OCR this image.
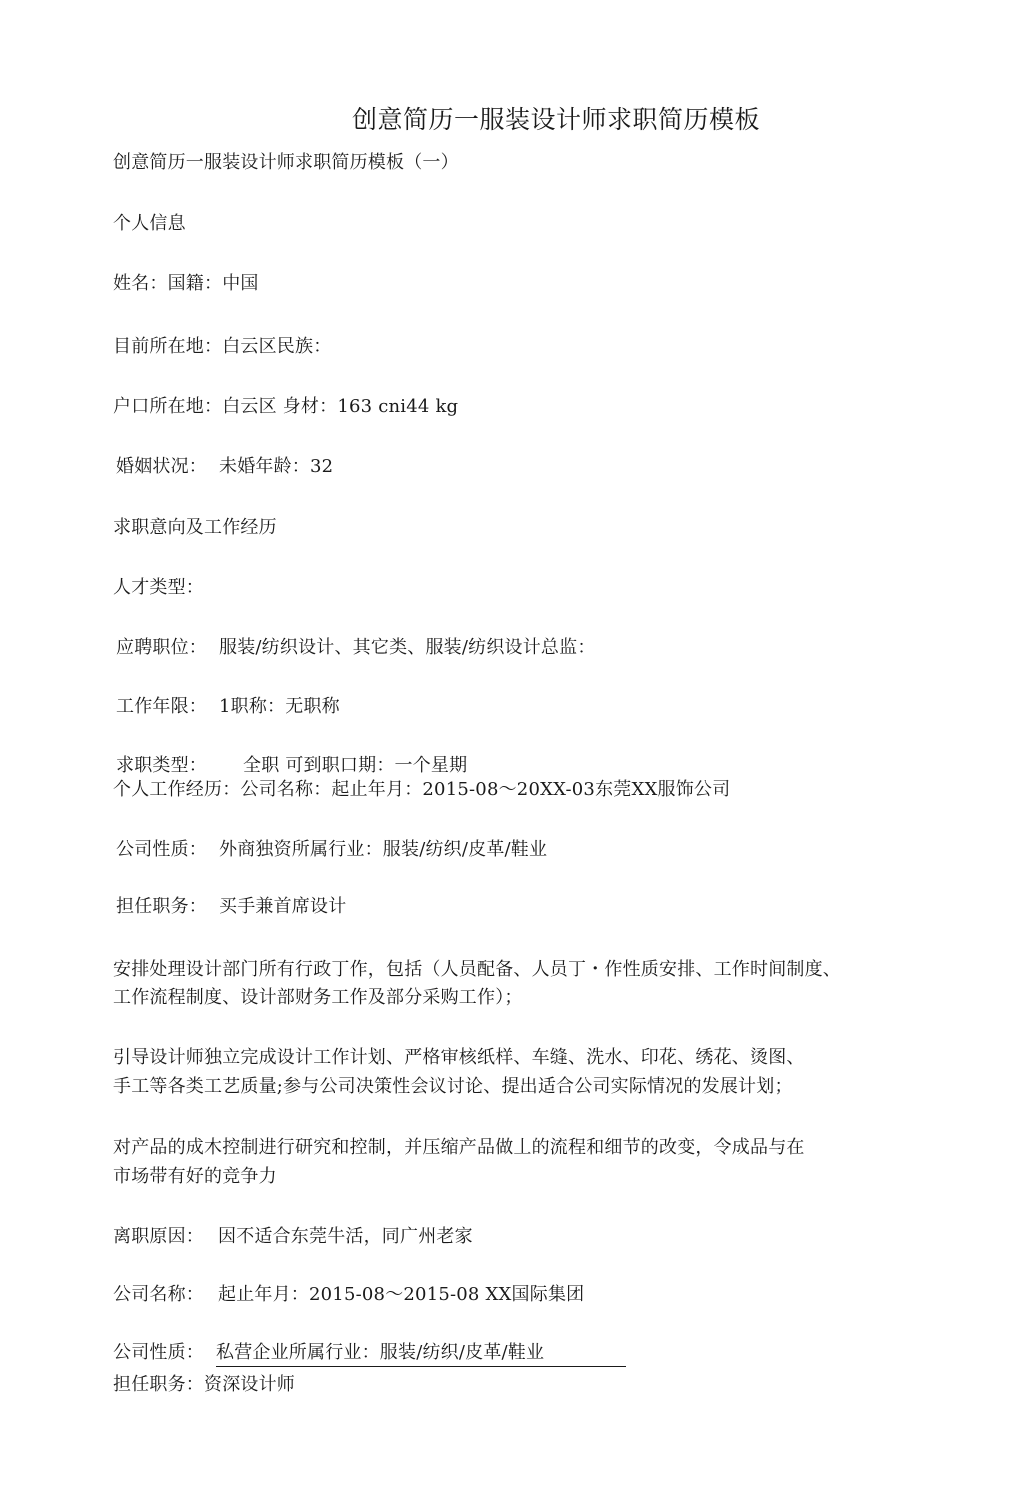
创意简历一服装设计师求职简历模板
创意简历一服装设计师求职简历模板（一）
个人信息
姓名：国籍：中国
目前所在地：白云区民族：
户口所在地：白云区 身材：163 cni44 kg
婚姻状况： 未婚年龄：32
求职意向及工作经历
人才类型：
应聘职位： 服装/纺织设计、其它类、服装/纺织设计总监：
工作年限： 1职称：无职称
求职类型： 全职 可到职口期：一个星期
个人工作经历：公司名称：起止年月：2015-08～20XX-03东莞XX服饰公司
公司性质： 外商独资所属行业：服装/纺织/皮革/鞋业
担任职务： 买手兼首席设计
安排处理设计部门所有行政丁作，包括（人员配备、人员丁・作性质安排、工作时间制度、
工作流程制度、设计部财务工作及部分采购工作）；
引导设计师独立完成设计工作计划、严格审核纸样、车缝、洗水、印花、绣花、烫图、
手工等各类工艺质量;参与公司决策性会议讨论、提出适合公司实际情况的发展计划；
对产品的成木控制进行研究和控制，并压缩产品做丄的流程和细节的改变，令成品与在
市场带有好的竞争力
离职原因： 因不适合东莞牛活，同广州老家
公司名称： 起止年月：2015-08～2015-08 XX国际集团
公司性质： 私营企业所属行业：服装/纺织/皮革/鞋业
担任职务：资深设计师
